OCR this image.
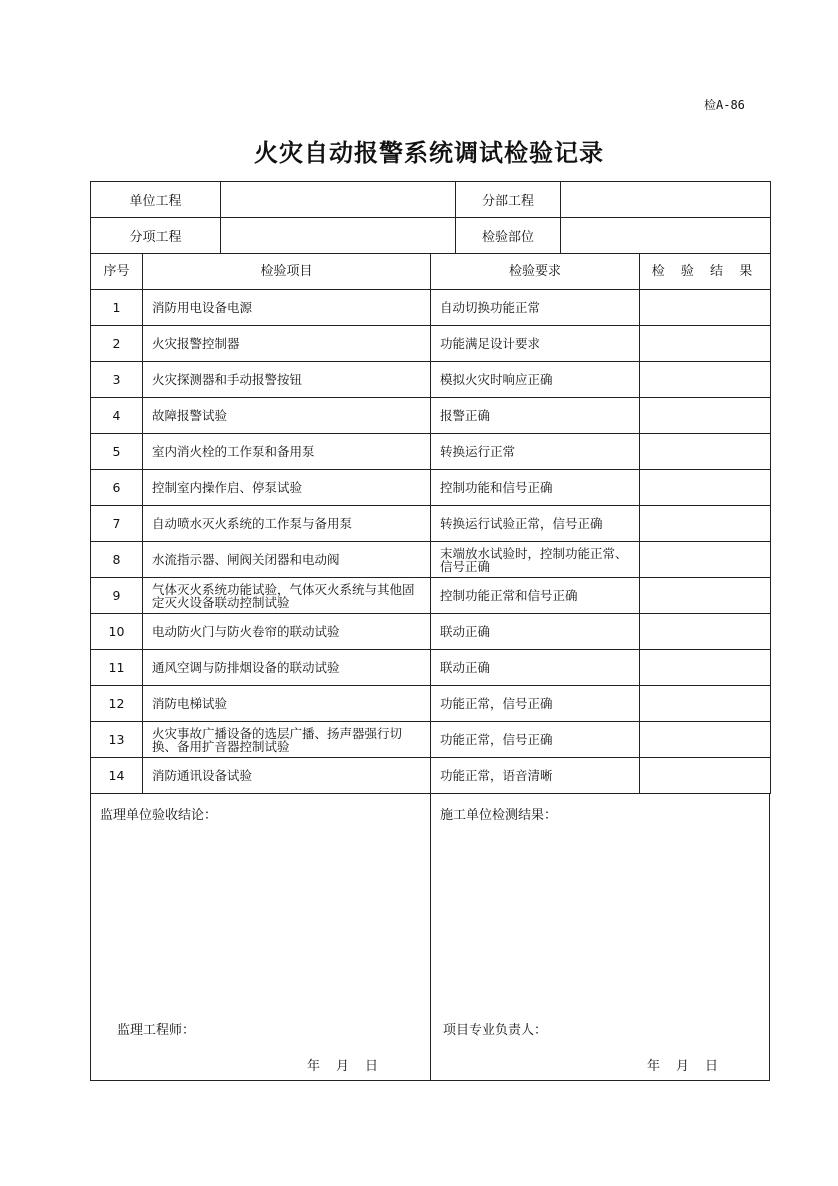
检A-86
火灾自动报警系统调试检验记录
单位工程		分部工程	
分项工程		检验部位	
序号	检验项目	检验要求	检 验 结 果
1	消防用电设备电源	自动切换功能正常	
2	火灾报警控制器	功能满足设计要求	
3	火灾探测器和手动报警按钮	模拟火灾时响应正确	
4	故障报警试验	报警正确	
5	室内消火栓的工作泵和备用泵	转换运行正常	
6	控制室内操作启、停泵试验	控制功能和信号正确	
7	自动喷水灭火系统的工作泵与备用泵	转换运行试验正常，信号正确	
8	水流指示器、闸阀关闭器和电动阀	末端放水试验时，控制功能正常、信号正确	
9	气体灭火系统功能试验，气体灭火系统与其他固定灭火设备联动控制试验	控制功能正常和信号正确	
10	电动防火门与防火卷帘的联动试验	联动正确	
11	通风空调与防排烟设备的联动试验	联动正确	
12	消防电梯试验	功能正常，信号正确	
13	火灾事故广播设备的选层广播、扬声器强行切换、备用扩音器控制试验	功能正常，信号正确	
14	消防通讯设备试验	功能正常，语音清晰	
监理单位验收结论：
监理工程师：
年 月 日
施工单位检测结果：
项目专业负责人：
年 月 日
